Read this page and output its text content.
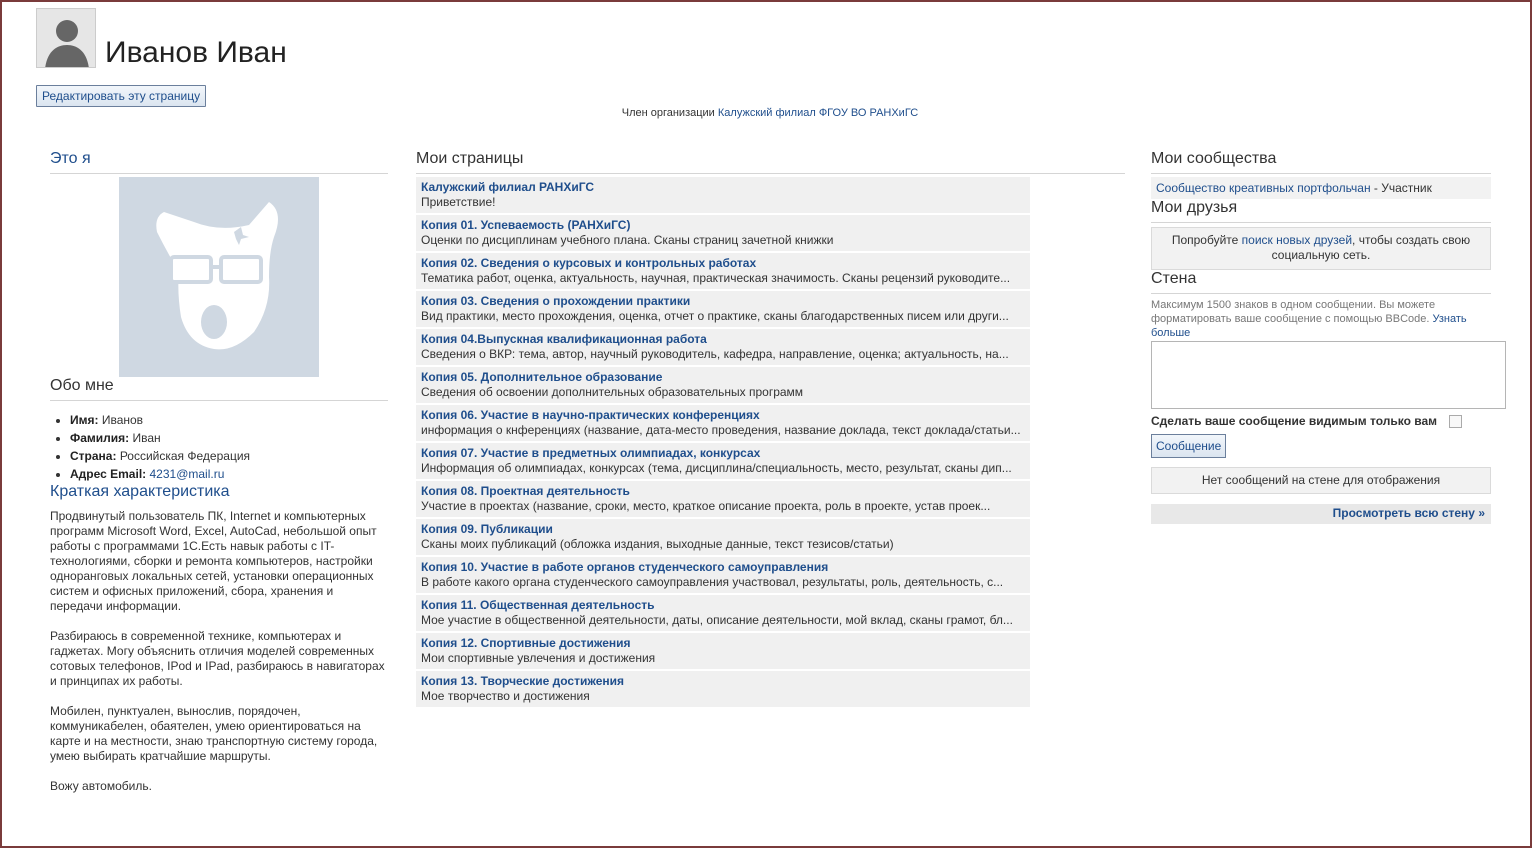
Иванов Иван
Редактировать эту страницу
Член организации Калужский филиал ФГОУ ВО РАНХиГС
Это я
Обо мне
• Имя: Иванов
• Фамилия: Иван
• Страна: Российская Федерация
• Адрес Email: 4231@mail.ru
Краткая характеристика

Продвинутый пользователь ПК, Internet и компьютерных программ Microsoft Word, Excel, AutoCad, небольшой опыт работы с программами 1С.Есть навык работы с IT-технологиями, сборки и ремонта компьютеров, настройки одноранговых локальных сетей, установки операционных систем и офисных приложений, сбора, хранения и передачи информации.

Разбираюсь в современной технике, компьютерах и гаджетах. Могу объяснить отличия моделей современных сотовых телефонов, IPod и IPad, разбираюсь в навигаторах и принципах их работы.

Мобилен, пунктуален, вынослив, порядочен, коммуникабелен, обаятелен, умею ориентироваться на карте и на местности, знаю транспортную систему города, умею выбирать кратчайшие маршруты.

Вожу автомобиль.

Мои страницы
Калужский филиал РАНХиГС
Приветствие!
Копия 01. Успеваемость (РАНХиГС)
Оценки по дисциплинам учебного плана. Сканы страниц зачетной книжки
Копия 02. Сведения о курсовых и контрольных работах
Тематика работ, оценка, актуальность, научная, практическая значимость. Сканы рецензий руководите...
Копия 03. Сведения о прохождении практики
Вид практики, место прохождения, оценка, отчет о практике, сканы благодарственных писем или други...
Копия 04.Выпускная квалификационная работа
Сведения о ВКР: тема, автор, научный руководитель, кафедра, направление, оценка; актуальность, на...
Копия 05. Дополнительное образование
Сведения об освоении дополнительных образовательных программ
Копия 06. Участие в научно-практических конференциях
информация о кнференциях (название, дата-место проведения, название доклада, текст доклада/статьи...
Копия 07. Участие в предметных олимпиадах, конкурсах
Информация об олимпиадах, конкурсах (тема, дисциплина/специальность, место, результат, сканы дип...
Копия 08. Проектная деятельность
Участие в проектах (название, сроки, место, краткое описание проекта, роль в проекте, устав проек...
Копия 09. Публикации
Сканы моих публикаций (обложка издания, выходные данные, текст тезисов/статьи)
Копия 10. Участие в работе органов студенческого самоуправления
В работе какого органа студенческого самоуправления участвовал, результаты, роль, деятельность, с...
Копия 11. Общественная деятельность
Мое участие в общественной деятельности, даты, описание деятельности, мой вклад, сканы грамот, бл...
Копия 12. Спортивные достижения
Мои спортивные увлечения и достижения
Копия 13. Творческие достижения
Мое творчество и достижения
Мои сообщества
Сообщество креативных портфольчан - Участник
Мои друзья
Попробуйте поиск новых друзей, чтобы создать свою социальную сеть.
Стена
Максимум 1500 знаков в одном сообщении. Вы можете форматировать ваше сообщение с помощью BBCode. Узнать больше
Сделать ваше сообщение видимым только вам
Сообщение
Нет сообщений на стене для отображения
Просмотреть всю стену »
